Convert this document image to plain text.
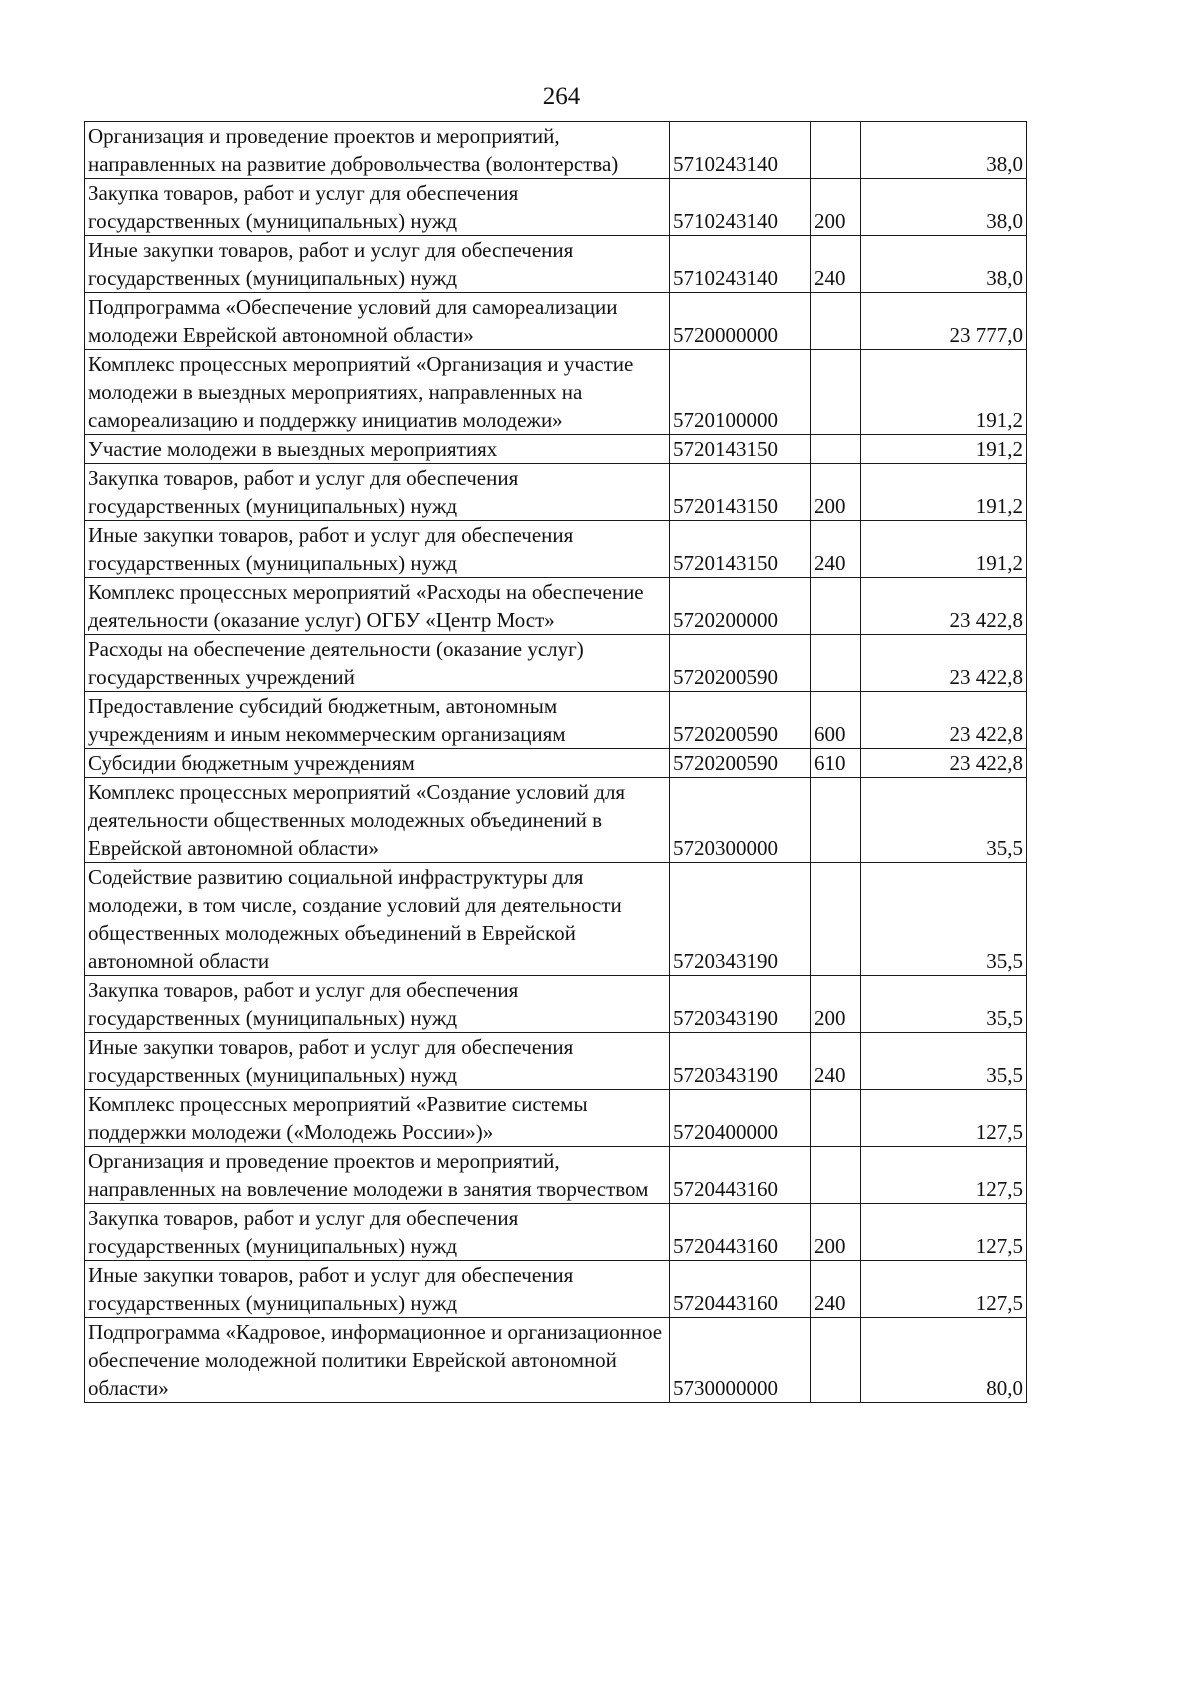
264
Организация и проведение проектов и мероприятий, направленных на развитие добровольчества (волонтерства)	5710243140		38,0
Закупка товаров, работ и услуг для обеспечения государственных (муниципальных) нужд	5710243140	200	38,0
Иные закупки товаров, работ и услуг для обеспечения государственных (муниципальных) нужд	5710243140	240	38,0
Подпрограмма «Обеспечение условий для самореализации молодежи Еврейской автономной области»	5720000000		23 777,0
Комплекс процессных мероприятий «Организация и участие молодежи в выездных мероприятиях, направленных на самореализацию и поддержку инициатив молодежи»	5720100000		191,2
Участие молодежи в выездных мероприятиях	5720143150		191,2
Закупка товаров, работ и услуг для обеспечения государственных (муниципальных) нужд	5720143150	200	191,2
Иные закупки товаров, работ и услуг для обеспечения государственных (муниципальных) нужд	5720143150	240	191,2
Комплекс процессных мероприятий «Расходы на обеспечение деятельности (оказание услуг) ОГБУ «Центр Мост»	5720200000		23 422,8
Расходы на обеспечение деятельности (оказание услуг) государственных учреждений	5720200590		23 422,8
Предоставление субсидий бюджетным, автономным учреждениям и иным некоммерческим организациям	5720200590	600	23 422,8
Субсидии бюджетным учреждениям	5720200590	610	23 422,8
Комплекс процессных мероприятий «Создание условий для деятельности общественных молодежных объединений в Еврейской автономной области»	5720300000		35,5
Содействие развитию социальной инфраструктуры для молодежи, в том числе, создание условий для деятельности общественных молодежных объединений в Еврейской автономной области	5720343190		35,5
Закупка товаров, работ и услуг для обеспечения государственных (муниципальных) нужд	5720343190	200	35,5
Иные закупки товаров, работ и услуг для обеспечения государственных (муниципальных) нужд	5720343190	240	35,5
Комплекс процессных мероприятий «Развитие системы поддержки молодежи («Молодежь России»)»	5720400000		127,5
Организация и проведение проектов и мероприятий, направленных на вовлечение молодежи в занятия творчеством	5720443160		127,5
Закупка товаров, работ и услуг для обеспечения государственных (муниципальных) нужд	5720443160	200	127,5
Иные закупки товаров, работ и услуг для обеспечения государственных (муниципальных) нужд	5720443160	240	127,5
Подпрограмма «Кадровое, информационное и организационное обеспечение молодежной политики Еврейской автономной области»	5730000000		80,0
